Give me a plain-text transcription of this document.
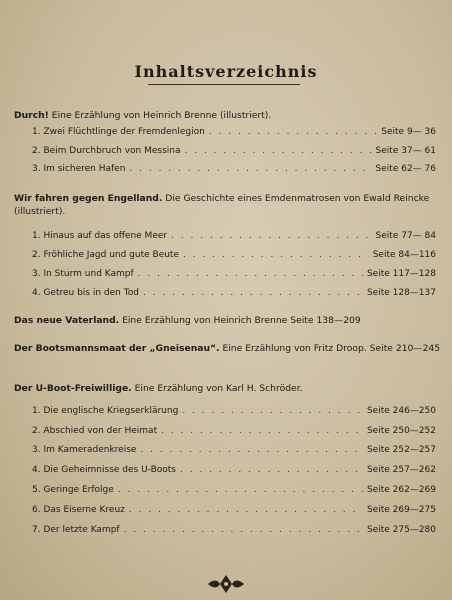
Inhaltsverzeichnis
Durch! Eine Erzählung von Heinrich Brenne (illustriert).
1. Zwei Flüchtlinge der Fremdenlegion . . .	Seite 9— 36
2. Beim Durchbruch von Messina . . .	Seite 37— 61
3. Im sicheren Hafen . . .	Seite 62— 76
Wir fahren gegen Engelland. Die Geschichte eines Emdenmatrosen von Ewald Reincke (illustriert).
1. Hinaus auf das offene Meer . . .	Seite 77— 84
2. Fröhliche Jagd und gute Beute . . .	Seite 84—116
3. In Sturm und Kampf . . .	Seite 117—128
4. Getreu bis in den Tod . . .	Seite 128—137
Das neue Vaterland. Eine Erzählung von Heinrich Brenne Seite 138—209
Der Bootsmannsmaat der „Gneisenau“. Eine Erzählung von Fritz Droop. Seite 210—245
Der U-Boot-Freiwillige. Eine Erzählung von Karl H. Schröder.
1. Die englische Kriegserklärung . . .	Seite 246—250
2. Abschied von der Heimat . . .	Seite 250—252
3. Im Kameradenkreise . . .	Seite 252—257
4. Die Geheimnisse des U-Boots . . .	Seite 257—262
5. Geringe Erfolge . . .	Seite 262—269
6. Das Eiserne Kreuz . . .	Seite 269—275
7. Der letzte Kampf . . .	Seite 275—280
